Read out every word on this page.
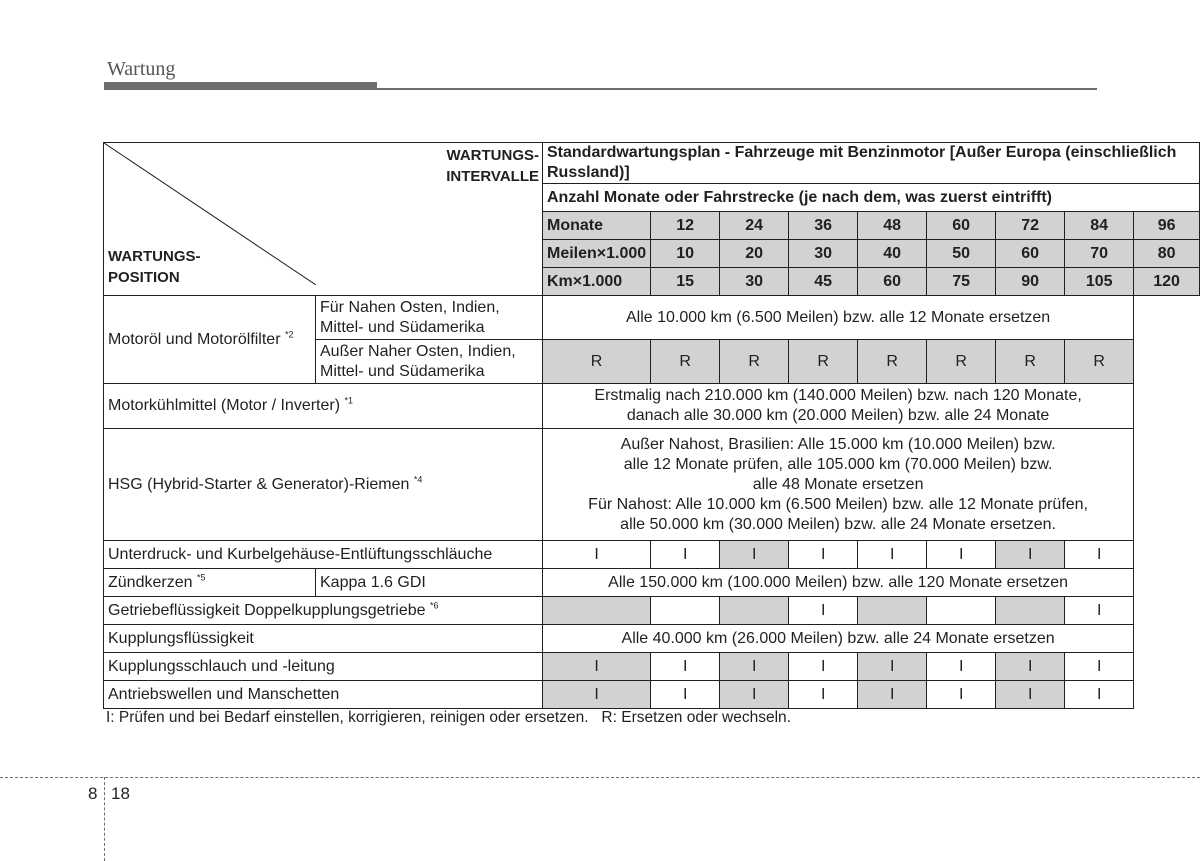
Wartung
WARTUNGS-
INTERVALLE
WARTUNGS-
POSITION		Standardwartungsplan - Fahrzeuge mit Benzinmotor [Außer Europa (einschließlich Russland)]								
		Anzahl Monate oder Fahrstrecke (je nach dem, was zuerst eintrifft)								
		Monate	12	24	36	48	60	72	84	96
		Meilen×1.000	10	20	30	40	50	60	70	80
		Km×1.000	15	30	45	60	75	90	105	120
Motoröl und Motorölfilter $^{*2}$	Für Nahen Osten, Indien,
Mittel- und Südamerika	Alle 10.000 km (6.500 Meilen) bzw. alle 12 Monate ersetzen								

	Außer Naher Osten, Indien,
Mittel- und Südamerika	R	R	R	R	R	R	R	R	
Motorkühlmittel (Motor / Inverter) $^{*1}$		Erstmalig nach 210.000 km (140.000 Meilen) bzw. nach 120 Monate,
danach alle 30.000 km (20.000 Meilen) bzw. alle 24 Monate								

HSG (Hybrid-Starter & Generator)-Riemen $^{*4}$		Außer Nahost, Brasilien: Alle 15.000 km (10.000 Meilen) bzw.
alle 12 Monate prüfen, alle 105.000 km (70.000 Meilen) bzw.
alle 48 Monate ersetzen
Für Nahost: Alle 10.000 km (6.500 Meilen) bzw. alle 12 Monate prüfen,
alle 50.000 km (30.000 Meilen) bzw. alle 24 Monate ersetzen.								

Unterdruck- und Kurbelgehäuse-Entlüftungsschläuche		I	I	I	I	I	I	I	I	
Zündkerzen $^{*5}$	Kappa 1.6 GDI	Alle 150.000 km (100.000 Meilen) bzw. alle 120 Monate ersetzen								
Getriebeflüssigkeit Doppelkupplungsgetriebe $^{*6}$					I				I	
Kupplungsflüssigkeit		Alle 40.000 km (26.000 Meilen) bzw. alle 24 Monate ersetzen								
Kupplungsschlauch und -leitung		I	I	I	I	I	I	I	I	
Antriebswellen und Manschetten		I	I	I	I	I	I	I	I	
I: Prüfen und bei Bedarf einstellen, korrigieren, reinigen oder ersetzen.   R: Ersetzen oder wechseln.
8 18
